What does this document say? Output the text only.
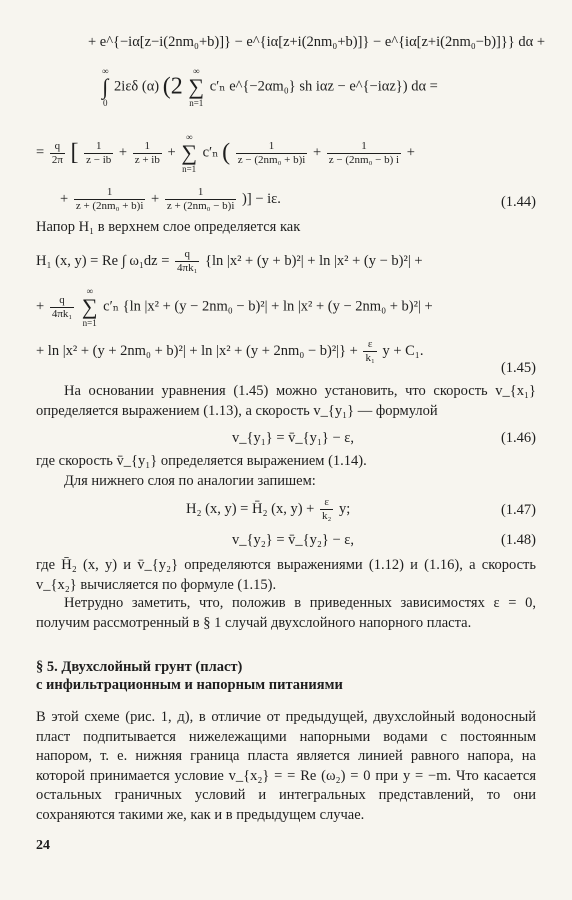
+ e^{−iα[z−i(2nm₀+b)]} − e^{iα[z+i(2nm₀+b)]} − e^{iα[z+i(2nm₀−b)]}} dα +
∞
∫
0 2iεδ (α) (2 ∞
∑
n=1 c′ₙ e^{−2αm₀} sh iαz − e^{−iαz}) dα =
= $\frac{q}{2\pi}$ [ $\frac{1}{z - ib} + \frac{1}{z + ib}$ + ∞
∑
n=1 c′ₙ ( $\frac{1}{\text{z − (2nm₀ + b)i}} + \frac{1}{\text{z − (2nm₀ − b) i}}$ +
+ $\frac{1}{\text{z + (2nm₀ + b)i}} + \frac{1}{\text{z + (2nm₀ − b)i}}$ )] − iε.	(1.44)
Напор H₁ в верхнем слое определяется как
H₁ (x, y) = Re ∫ $\omega_1dz = \frac{q}{\text{4πk₁}} \{\ln$ |x² + (y + b)²| + ln |x² + (y − b)²| +
+ $\frac{q}{\text{4πk₁}}$
∞
∑
n=1 c′ₙ {ln |x² + (y − 2nm₀ − b)²| + ln |x² + (y − 2nm₀ + b)²| +
+ $\ln |x^2 + (y + 2nm_0 + b)^2| + \ln |x^2 + (y + 2nm_0 - b)^2|\} + \frac{\varepsilon}{\text{k₁}}$ y + C₁.
(1.45)
На основании уравнения (1.45) можно установить, что скорость v_{x₁} определяется выражением (1.13), а скорость v_{y₁} — формулой
v_{y₁} = v̄_{y₁} − ε,	(1.46)
где скорость v̄_{y₁} определяется выражением (1.14).
Для нижнего слоя по аналогии запишем:
H₂ (x, y) = H̄₂ (x, $y) + \frac{\varepsilon}{\text{k₂}} y$;	(1.47)
v_{y₂} = v̄_{y₂} − ε,	(1.48)
где H̄₂ (x, y) и v̄_{y₂} определяются выражениями (1.12) и (1.16), а скорость v_{x₂} вычисляется по формуле (1.15).
Нетрудно заметить, что, положив в приведенных зависимостях ε = 0, получим рассмотренный в § 1 случай двухслойного напорного пласта.
§ 5. Двухслойный грунт (пласт)
с инфильтрационным и напорным питаниями
В этой схеме (рис. 1, д), в отличие от предыдущей, двухслойный водоносный пласт подпитывается нижележащими напорными водами с постоянным напором, т. е. нижняя граница пласта является линией равного напора, на которой принимается условие v_{x₂} = = Re (ω₂) = 0 при y = −m. Что касается остальных граничных условий и интегральных представлений, то они сохраняются такими же, как и в предыдущем случае.
24
